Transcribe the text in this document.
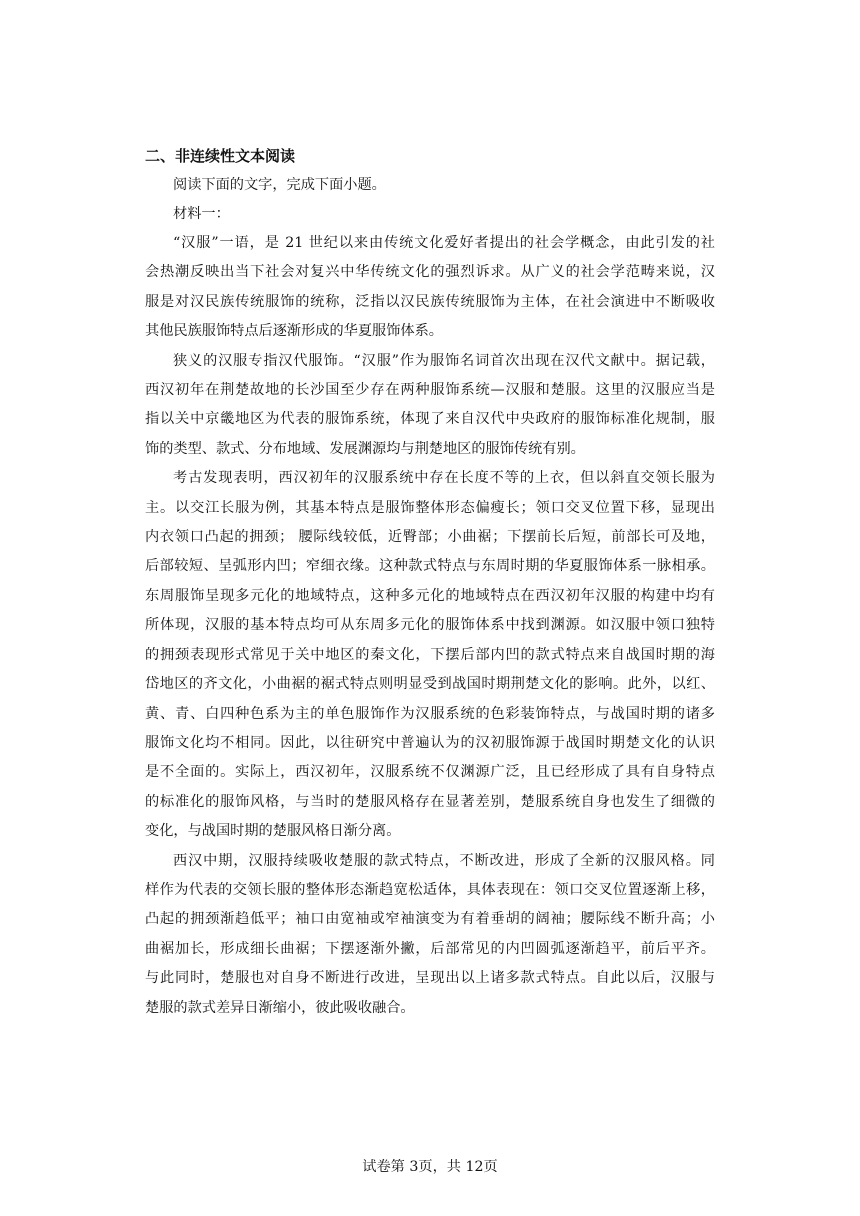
二、非连续性文本阅读

阅读下面的文字，完成下面小题。

材料一：

“汉服”一语，是 21 世纪以来由传统文化爱好者提出的社会学概念，由此引发的社

会热潮反映出当下社会对复兴中华传统文化的强烈诉求。从广义的社会学范畴来说，汉

服是对汉民族传统服饰的统称，泛指以汉民族传统服饰为主体，在社会演进中不断吸收

其他民族服饰特点后逐渐形成的华夏服饰体系。

狭义的汉服专指汉代服饰。“汉服”作为服饰名词首次出现在汉代文献中。据记载，

西汉初年在荆楚故地的长沙国至少存在两种服饰系统—汉服和楚服。这里的汉服应当是

指以关中京畿地区为代表的服饰系统，体现了来自汉代中央政府的服饰标准化规制，服

饰的类型、款式、分布地域、发展渊源均与荆楚地区的服饰传统有别。

考古发现表明，西汉初年的汉服系统中存在长度不等的上衣，但以斜直交领长服为

主。以交江长服为例，其基本特点是服饰整体形态偏瘦长；领口交叉位置下移，显现出

内衣领口凸起的拥颈； 腰际线较低，近臀部；小曲裾；下摆前长后短，前部长可及地，

后部较短、呈弧形内凹；窄细衣缘。这种款式特点与东周时期的华夏服饰体系一脉相承。

东周服饰呈现多元化的地域特点，这种多元化的地域特点在西汉初年汉服的构建中均有

所体现，汉服的基本特点均可从东周多元化的服饰体系中找到渊源。如汉服中领口独特

的拥颈表现形式常见于关中地区的秦文化，下摆后部内凹的款式特点来自战国时期的海

岱地区的齐文化，小曲裾的裾式特点则明显受到战国时期荆楚文化的影响。此外，以红、

黄、青、白四种色系为主的单色服饰作为汉服系统的色彩装饰特点，与战国时期的诸多

服饰文化均不相同。因此，以往研究中普遍认为的汉初服饰源于战国时期楚文化的认识

是不全面的。实际上，西汉初年，汉服系统不仅渊源广泛，且已经形成了具有自身特点

的标准化的服饰风格，与当时的楚服风格存在显著差别，楚服系统自身也发生了细微的

变化，与战国时期的楚服风格日渐分离。

西汉中期，汉服持续吸收楚服的款式特点，不断改进，形成了全新的汉服风格。同

样作为代表的交领长服的整体形态渐趋宽松适体，具体表现在：领口交叉位置逐渐上移，

凸起的拥颈渐趋低平；袖口由宽袖或窄袖演变为有着垂胡的阔袖；腰际线不断升高；小

曲裾加长，形成细长曲裾；下摆逐渐外撇，后部常见的内凹圆弧逐渐趋平，前后平齐。

与此同时，楚服也对自身不断进行改进，呈现出以上诸多款式特点。自此以后，汉服与

楚服的款式差异日渐缩小，彼此吸收融合。

试卷第 3页，共 12页
